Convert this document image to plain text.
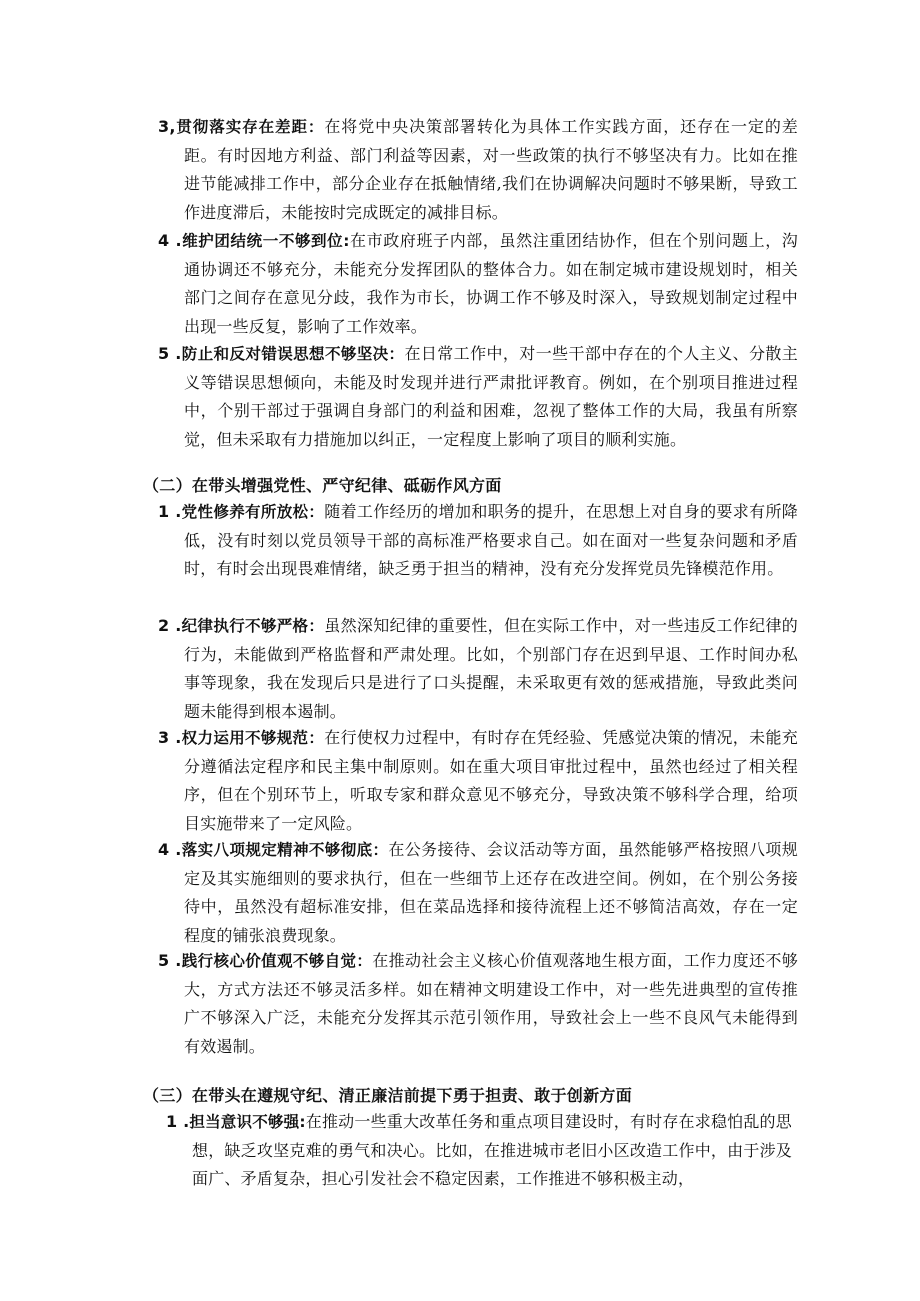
3,贯彻落实存在差距：在将党中央决策部署转化为具体工作实践方面，还存在一定的差距。有时因地方利益、部门利益等因素，对一些政策的执行不够坚决有力。比如在推进节能减排工作中，部分企业存在抵触情绪,我们在协调解决问题时不够果断，导致工作进度滞后，未能按时完成既定的减排目标。
4 .维护团结统一不够到位:在市政府班子内部，虽然注重团结协作，但在个别问题上，沟通协调还不够充分，未能充分发挥团队的整体合力。如在制定城市建设规划时，相关部门之间存在意见分歧，我作为市长，协调工作不够及时深入，导致规划制定过程中出现一些反复，影响了工作效率。
5 .防止和反对错误思想不够坚决：在日常工作中，对一些干部中存在的个人主义、分散主义等错误思想倾向，未能及时发现并进行严肃批评教育。例如，在个别项目推进过程中，个别干部过于强调自身部门的利益和困难，忽视了整体工作的大局，我虽有所察觉，但未采取有力措施加以纠正，一定程度上影响了项目的顺利实施。
（二）在带头增强党性、严守纪律、砥砺作风方面
1 .党性修养有所放松：随着工作经历的增加和职务的提升，在思想上对自身的要求有所降低，没有时刻以党员领导干部的高标准严格要求自己。如在面对一些复杂问题和矛盾时，有时会出现畏难情绪，缺乏勇于担当的精神，没有充分发挥党员先锋模范作用。
2 .纪律执行不够严格：虽然深知纪律的重要性，但在实际工作中，对一些违反工作纪律的行为，未能做到严格监督和严肃处理。比如，个别部门存在迟到早退、工作时间办私事等现象，我在发现后只是进行了口头提醒，未采取更有效的惩戒措施，导致此类问题未能得到根本遏制。
3 .权力运用不够规范：在行使权力过程中，有时存在凭经验、凭感觉决策的情况，未能充分遵循法定程序和民主集中制原则。如在重大项目审批过程中，虽然也经过了相关程序，但在个别环节上，听取专家和群众意见不够充分，导致决策不够科学合理，给项目实施带来了一定风险。
4 .落实八项规定精神不够彻底：在公务接待、会议活动等方面，虽然能够严格按照八项规定及其实施细则的要求执行，但在一些细节上还存在改进空间。例如，在个别公务接待中，虽然没有超标准安排，但在菜品选择和接待流程上还不够简洁高效，存在一定程度的铺张浪费现象。
5 .践行核心价值观不够自觉：在推动社会主义核心价值观落地生根方面，工作力度还不够大，方式方法还不够灵活多样。如在精神文明建设工作中，对一些先进典型的宣传推广不够深入广泛，未能充分发挥其示范引领作用，导致社会上一些不良风气未能得到有效遏制。
（三）在带头在遵规守纪、清正廉洁前提下勇于担责、敢于创新方面
1 .担当意识不够强:在推动一些重大改革任务和重点项目建设时，有时存在求稳怕乱的思想，缺乏攻坚克难的勇气和决心。比如，在推进城市老旧小区改造工作中，由于涉及面广、矛盾复杂，担心引发社会不稳定因素，工作推进不够积极主动，
